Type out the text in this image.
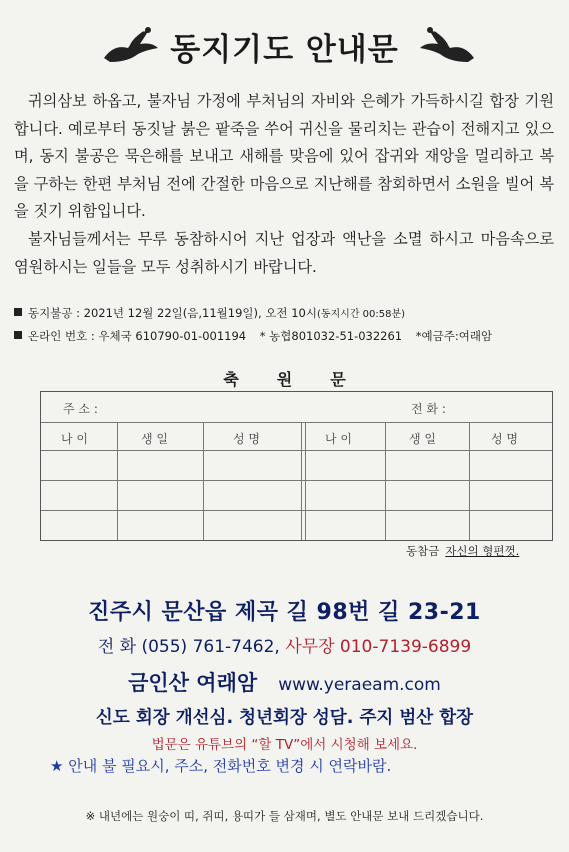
동지기도 안내문

귀의삼보 하옵고, 불자님 가정에 부처님의 자비와 은혜가 가득하시길 합장 기원합니다. 예로부터 동짓날 붉은 팥죽을 쑤어 귀신을 물리치는 관습이 전해지고 있으며, 동지 불공은 묵은해를 보내고 새해를 맞음에 있어 잡귀와 재앙을 멀리하고 복을 구하는 한편 부처님 전에 간절한 마음으로 지난해를 참회하면서 소원을 빌어 복을 짓기 위함입니다.

불자님들께서는 무루 동참하시어 지난 업장과 액난을 소멸 하시고 마음속으로 염원하시는 일들을 모두 성취하시기 바랍니다.

동지불공 : 2021년 12월 22일(음,11월19일), 오전 10시(동지시간 00:58분)
온라인 번호 : 우체국 610790-01-001194 * 농협801032-51-032261 *예금주:여래암
축원문
주 소 :	전 화 :
나 이	생 일	성 명	나 이	생 일	성 명
동참금 자신의 형편껏.
진주시 문산읍 제곡 길 98번 길 23-21
전 화 (055) 761-7462, 사무장 010-7139-6899
금인산 여래암 www.yeraeam.com
신도 회장 개선심. 청년회장 성담. 주지 범산 합장
법문은 유튜브의 “할 TV”에서 시청해 보세요.
★ 안내 불 필요시, 주소, 전화번호 변경 시 연락바람.
※ 내년에는 원숭이 띠, 쥐띠, 용띠가 들 삼재며, 별도 안내문 보내 드리겠습니다.
